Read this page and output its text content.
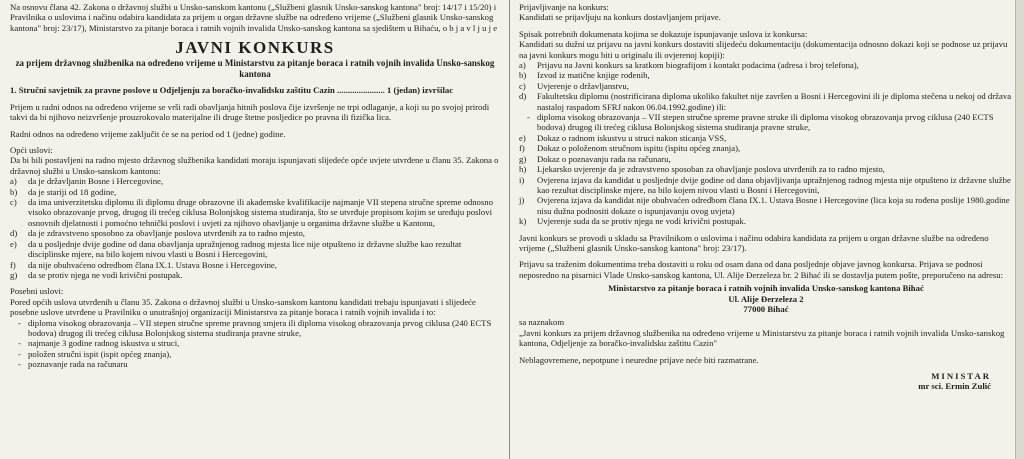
Na osnovu člana 42. Zakona o državnoj službi u Unsko-sanskom kantonu („Službeni glasnik Unsko-sanskog kantona" broj: 14/17 i 15/20) i Pravilnika o uslovima i načinu odabira kandidata za prijem u organ državne službe na određeno vrijeme („Službeni glasnik Unsko-sanskog kantona" broj: 23/17), Ministarstvo za pitanje boraca i ratnih vojnih invalida Unsko-sanskog kantona sa sjedištem u Bihaću, o b j a v l j u j e

JAVNI KONKURS
za prijem državnog službenika na određeno vrijeme u Ministarstvu za pitanje boraca i ratnih vojnih invalida Unsko-sanskog kantona

1. Stručni savjetnik za pravne poslove u Odjeljenju za boračko-invalidsku zaštitu Cazin ...................... 1 (jedan) izvršilac

Prijem u radni odnos na određeno vrijeme se vrši radi obavljanja hitnih poslova čije izvršenje ne trpi odlaganje, a koji su po svojoj prirodi takvi da bi njihovo neizvršenje prouzrokovalo materijalne ili druge štetne posljedice po pravna ili fizička lica.

Radni odnos na određeno vrijeme zaključit će se na period od 1 (jedne) godine.

Opći uslovi:

Da bi bili postavljeni na radno mjesto državnog službenika kandidati moraju ispunjavati slijedeće opće uvjete utvrđene u članu 35. Zakona o državnoj službi u Unsko-sanskom kantonu:

a)	da je državljanin Bosne i Hercegovine,
b)	da je stariji od 18 godine,
c)	da ima univerzitetsku diplomu ili diplomu druge obrazovne ili akademske kvalifikacije najmanje VII stepena stručne spreme odnosno visoko obrazovanje prvog, drugog ili trećeg ciklusa Bolonjskog sistema studiranja, što se utvrđuje propisom kojim se uređuju poslovi osnovnih djelatnosti i pomoćno tehnički poslovi i uvjeti za njihovo obavljanje u organima državne službe u Kantonu,
d)	da je zdravstveno sposobno za obavljanje poslova utvrđenih za to radno mjesto,
e)	da u posljednje dvije godine od dana obavljanja upražnjenog radnog mjesta lice nije otpušteno iz državne službe kao rezultat disciplinske mjere, na bilo kojem nivou vlasti u Bosni i Hercegovini,
f)	da nije obuhvaćeno odredbom člana IX.1. Ustava Bosne i Hercegovine,
g)	da se protiv njega ne vodi krivični postupak.

Posebni uslovi:

Pored općih uslova utvrđenih u članu 35. Zakona o državnoj službi u Unsko-sanskom kantonu kandidati trebaju ispunjavati i slijedeće posebne uslove utvrđene u Pravilniku o unutrašnjoj organizaciji Ministarstva za pitanje boraca i ratnih vojnih invalida i to:

- diploma visokog obrazovanja – VII stepen stručne spreme pravnog smjera ili diploma visokog obrazovanja prvog ciklusa (240 ECTS bodova) drugog ili trećeg ciklusa Bolonjskog sistema studiranja pravne struke,
- najmanje 3 godine radnog iskustva u struci,
- položen stručni ispit (ispit općeg znanja),
- poznavanje rada na računaru

Prijavljivanje na konkurs:

Kandidati se prijavljuju na konkurs dostavljanjem prijave.

Spisak potrebnih dokumenata kojima se dokazuje ispunjavanje uslova iz konkursa:

Kandidati su dužni uz prijavu na javni konkurs dostaviti slijedeću dokumentaciju (dokumentacija odnosno dokazi koji se podnose uz prijavu na javni konkurs mogu biti u originalu ili ovjerenoj kopiji):

a)	Prijavu na Javni konkurs sa kratkom biografijom i kontakt podacima (adresa i broj telefona),
b)	Izvod iz matične knjige rođenih,
c)	Uvjerenje o državljanstvu,
d)	Fakultetsku diplomu (nostrificirana diploma ukoliko fakultet nije završen u Bosni i Hercegovini ili je diploma stečena u nekoj od država nastaloj raspadom SFRJ nakon 06.04.1992.godine) ili:
- diploma visokog obrazovanja – VII stepen stručne spreme pravne struke ili diploma visokog obrazovanja prvog ciklusa (240 ECTS bodova) drugog ili trećeg ciklusa Bolonjskog sistema studiranja pravne struke,
e)	Dokaz o radnom iskustvu u struci nakon sticanja VSS,
f)	Dokaz o položenom stručnom ispitu (ispitu općeg znanja),
g)	Dokaz o poznavanju rada na računaru,
h)	Ljekarsko uvjerenje da je zdravstveno sposoban za obavljanje poslova utvrđenih za to radno mjesto,
i)	Ovjerena izjava da kandidat u posljednje dvije godine od dana objavljivanja upražnjenog radnog mjesta nije otpušteno iz državne službe kao rezultat disciplinske mjere, na bilo kojem nivou vlasti u Bosni i Hercegovini,
j)	Ovjerena izjava da kandidat nije obuhvaćen odredbom člana IX.1. Ustava Bosne i Hercegovine (lica koja su rođena poslije 1980.godine nisu dužna podnositi dokaze o ispunjavanju ovog uvjeta)
k)	Uvjerenje suda da se protiv njega ne vodi krivični postupak.

Javni konkurs se provodi u skladu sa Pravilnikom o uslovima i načinu odabira kandidata za prijem u organ državne službe na određeno vrijeme („Službeni glasnik Unsko-sanskog kantona" broj: 23/17).

Prijavu sa traženim dokumentima treba dostaviti u roku od osam dana od dana posljednje objave javnog konkursa. Prijava se podnosi neposredno na pisarnici Vlade Unsko-sanskog kantona, Ul. Alije Đerzeleza br. 2 Bihać ili se dostavlja putem pošte, preporučeno na adresu:

Ministarstvo za pitanje boraca i ratnih vojnih invalida Unsko-sanskog kantona Bihać

Ul. Alije Đerzeleza 2

77000 Bihać

sa naznakom

„Javni konkurs za prijem državnog službenika na određeno vrijeme u Ministarstvu za pitanje boraca i ratnih vojnih invalida Unsko-sanskog kantona, Odjeljenje za boračko-invalidsku zaštitu Cazin"

Neblagovremene, nepotpune i neuredne prijave neće biti razmatrane.

MINISTAR

mr sci. Ermin Zulić
